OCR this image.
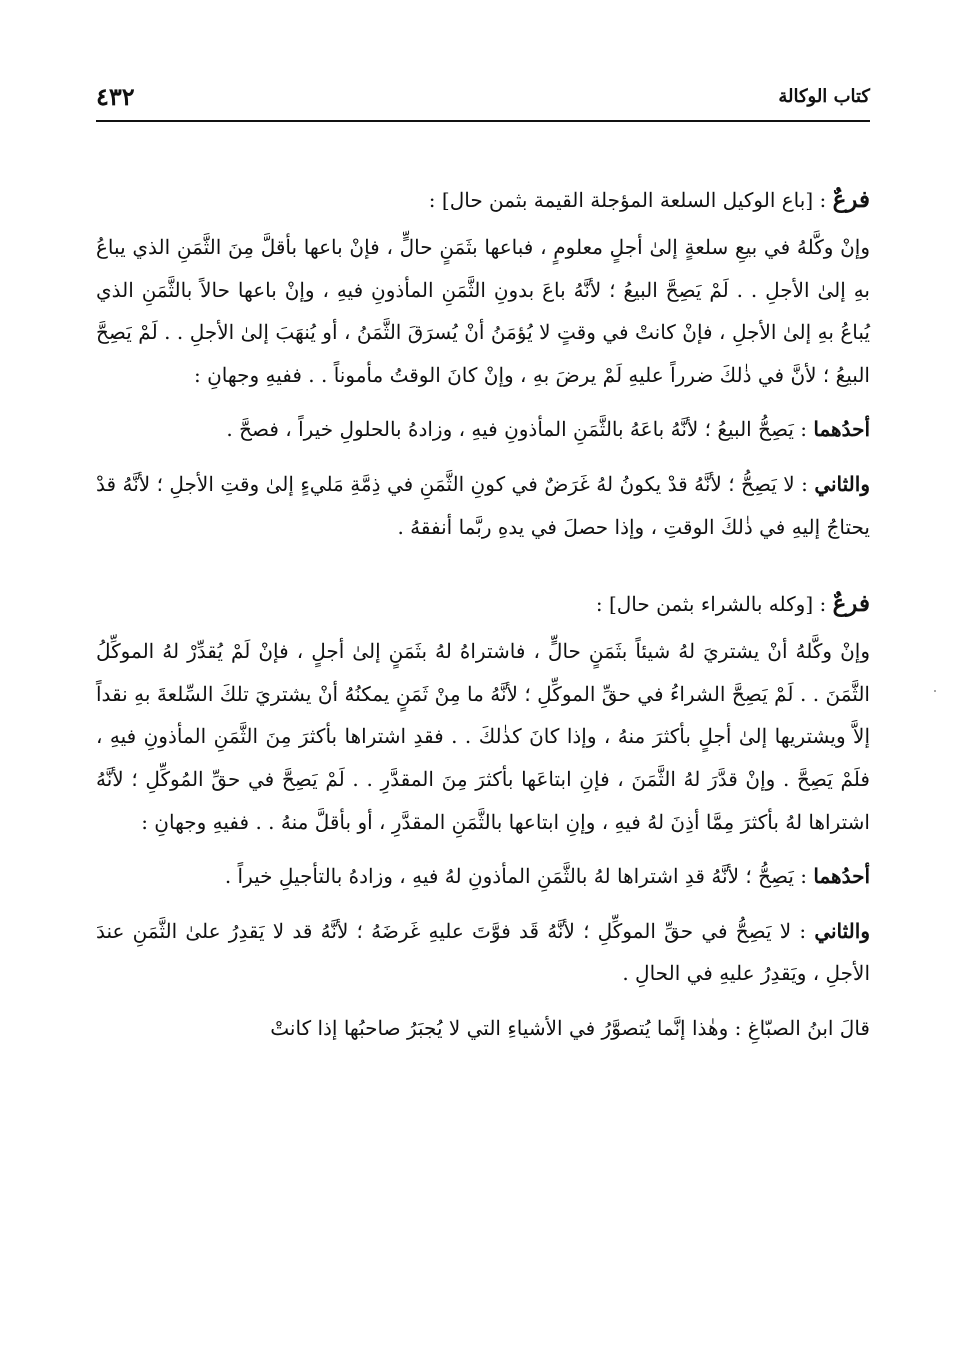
كتاب الوكالة
٤٣٢
فرعٌ : [باع الوكيل السلعة المؤجلة القيمة بثمن حال] :

وإنْ وكَّلهُ في بيعِ سلعةٍ إلىٰ أجلٍ معلومٍ ، فباعها بثَمَنٍ حالٍّ ، فإنْ باعها بأقلَّ مِنَ الثَّمَنِ الذي يباعُ بهِ إلىٰ الأجلِ . . لَمْ يَصِحَّ البيعُ ؛ لأنَّهُ باعَ بدونِ الثَّمَنِ المأذونِ فيهِ ، وإنْ باعها حالاً بالثَّمَنِ الذي يُباعُ بهِ إلىٰ الأجلِ ، فإنْ كانتْ في وقتٍ لا يُؤمَنُ أنْ يُسرَقَ الثَّمَنُ ، أو يُنهَبَ إلىٰ الأجلِ . . لَمْ يَصِحَّ البيعُ ؛ لأنَّ في ذٰلكَ ضرراً عليهِ لَمْ يرضَ بهِ ، وإنْ كانَ الوقتُ مأموناً . . ففيهِ وجهانِ :

أحدُهما : يَصِحُّ البيعُ ؛ لأنَّهُ باعَهُ بالثَّمَنِ المأذونِ فيهِ ، وزادهُ بالحلولِ خيراً ، فصحَّ .

والثاني : لا يَصِحُّ ؛ لأنَّهُ قدْ يكونُ لهُ غَرَضٌ في كونِ الثَّمَنِ في ذِمَّةِ مَليءٍ إلىٰ وقتِ الأجلِ ؛ لأنَّهُ قدْ يحتاجُ إليهِ في ذٰلكَ الوقتِ ، وإذا حصلَ في يدهِ ربَّما أنفقهُ .

فرعٌ : [وكله بالشراء بثمن حال] :

وإنْ وكَّلهُ أنْ يشتريَ لهُ شيئاً بثَمَنٍ حالٍّ ، فاشتراهُ لهُ بثَمَنٍ إلىٰ أجلٍ ، فإنْ لَمْ يُقدِّرْ لهُ الموكِّلُ الثَّمَنَ . . لَمْ يَصِحَّ الشراءُ في حقِّ الموكِّلِ ؛ لأنَّهُ ما مِنْ ثَمَنٍ يمكنُهُ أنْ يشتريَ تلكَ السِّلعةَ بهِ نقداً إلاَّ ويشتريها إلىٰ أجلٍ بأكثرَ منهُ ، وإذا كانَ كذٰلكَ . . فقدِ اشتراها بأكثرَ مِنَ الثَّمَنِ المأذونِ فيهِ ، فلَمْ يَصِحَّ . وإنْ قدَّرَ لهُ الثَّمَنَ ، فإنِ ابتاعَها بأكثرَ مِنَ المقدَّرِ . . لَمْ يَصِحَّ في حقِّ المُوكِّلِ ؛ لأنَّهُ اشتراها لهُ بأكثرَ مِمَّا أذِنَ لهُ فيهِ ، وإنِ ابتاعها بالثَّمَنِ المقدَّرِ ، أو بأقلَّ منهُ . . ففيهِ وجهانِ :

أحدُهما : يَصِحُّ ؛ لأنَّهُ قدِ اشتراها لهُ بالثَّمَنِ المأذونِ لهُ فيهِ ، وزادهُ بالتأجيلِ خيراً .

والثاني : لا يَصِحُّ في حقِّ الموكِّلِ ؛ لأنَّهُ قَد فوَّتَ عليهِ غَرضَهُ ؛ لأنَّهُ قد لا يَقدِرُ علىٰ الثَّمَنِ عندَ الأجلِ ، ويَقدِرُ عليهِ في الحالِ .

قالَ ابنُ الصبّاغِ : وهٰذا إنَّما يُتصوَّرُ في الأشياءِ التي لا يُجبَرُ صاحبُها إذا كانتْ
